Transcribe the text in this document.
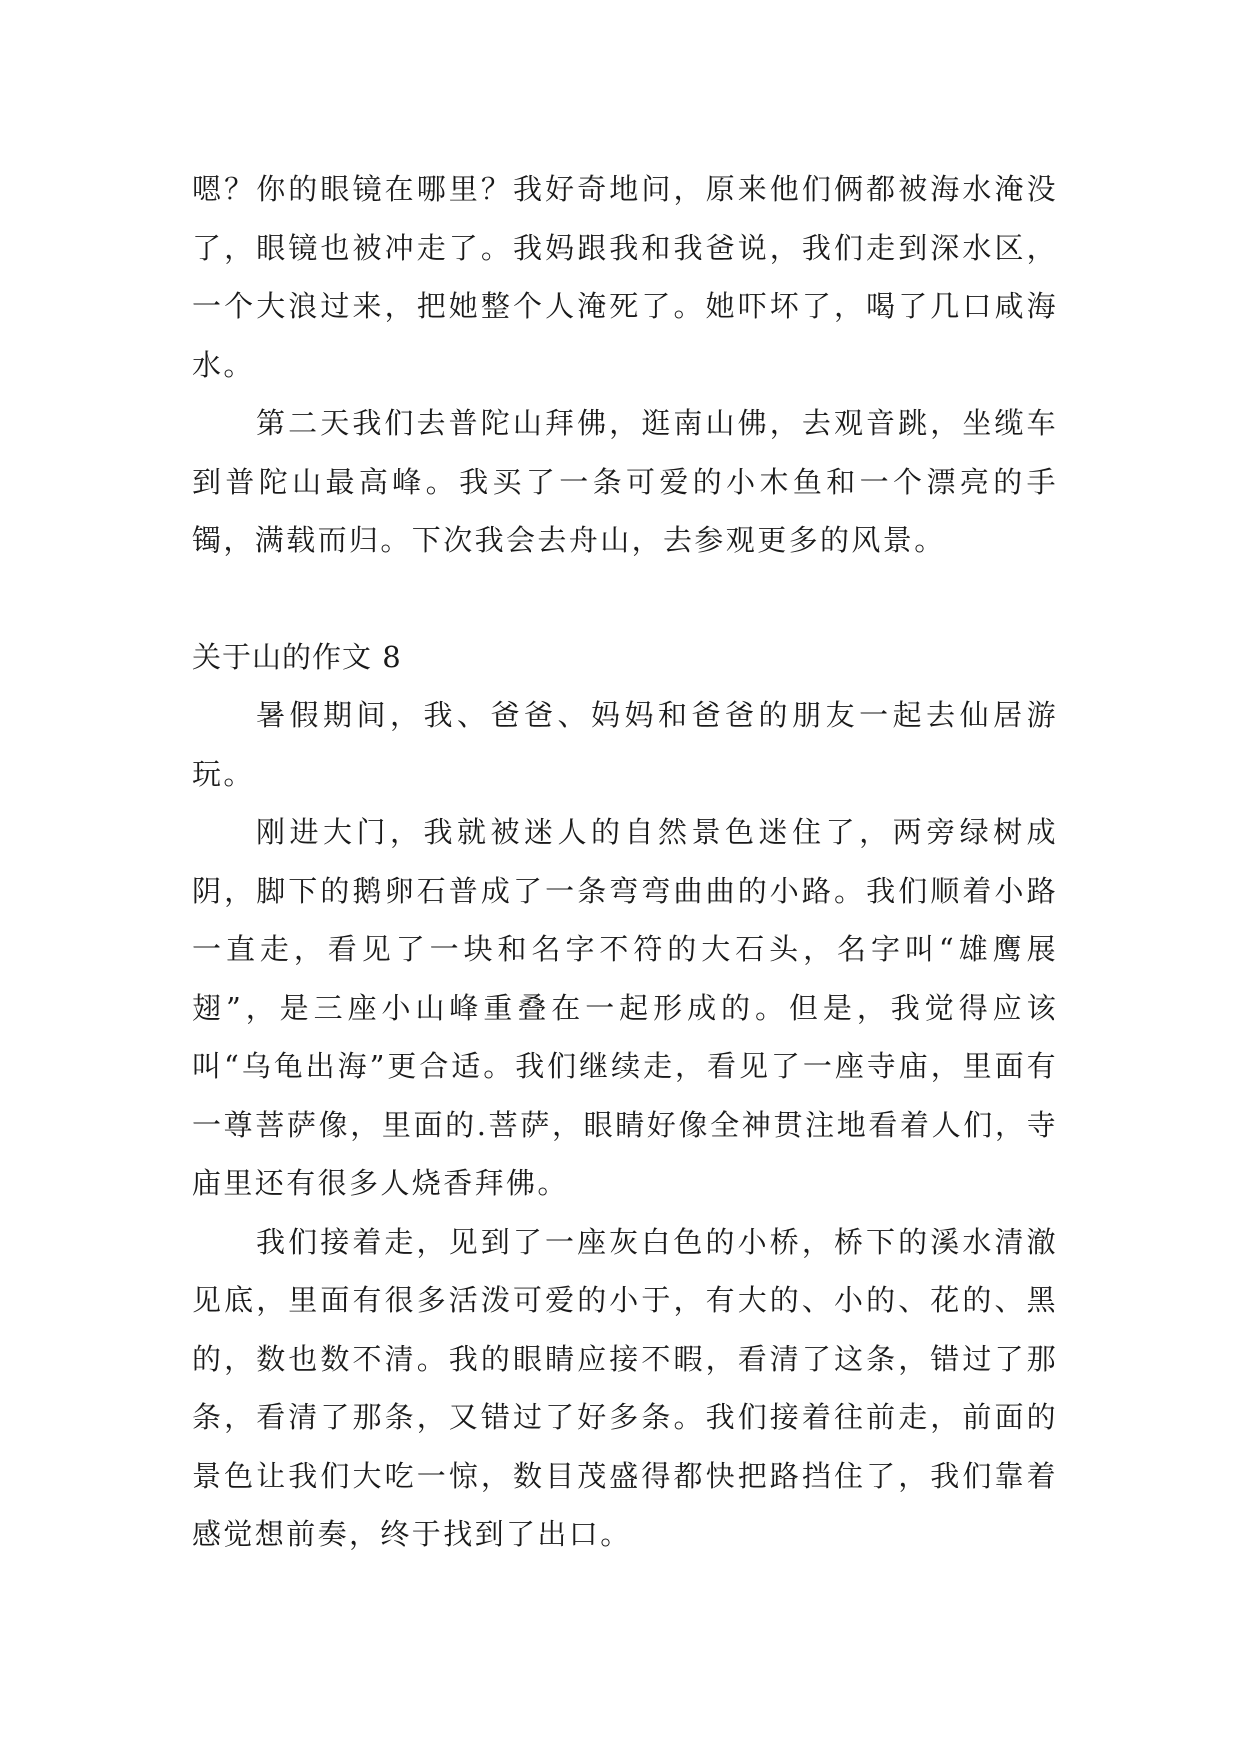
嗯？你的眼镜在哪里？我好奇地问，原来他们俩都被海水淹没了，眼镜也被冲走了。我妈跟我和我爸说，我们走到深水区，一个大浪过来，把她整个人淹死了。她吓坏了，喝了几口咸海水。

第二天我们去普陀山拜佛，逛南山佛，去观音跳，坐缆车到普陀山最高峰。我买了一条可爱的小木鱼和一个漂亮的手镯，满载而归。下次我会去舟山，去参观更多的风景。

关于山的作文 8

暑假期间，我、爸爸、妈妈和爸爸的朋友一起去仙居游玩。

刚进大门，我就被迷人的自然景色迷住了，两旁绿树成阴，脚下的鹅卵石普成了一条弯弯曲曲的小路。我们顺着小路一直走，看见了一块和名字不符的大石头，名字叫“雄鹰展翅”，是三座小山峰重叠在一起形成的。但是，我觉得应该叫“乌龟出海”更合适。我们继续走，看见了一座寺庙，里面有一尊菩萨像，里面的.菩萨，眼睛好像全神贯注地看着人们，寺庙里还有很多人烧香拜佛。

我们接着走，见到了一座灰白色的小桥，桥下的溪水清澈见底，里面有很多活泼可爱的小于，有大的、小的、花的、黑的，数也数不清。我的眼睛应接不暇，看清了这条，错过了那条，看清了那条，又错过了好多条。我们接着往前走，前面的景色让我们大吃一惊，数目茂盛得都快把路挡住了，我们靠着感觉想前奏，终于找到了出口。
